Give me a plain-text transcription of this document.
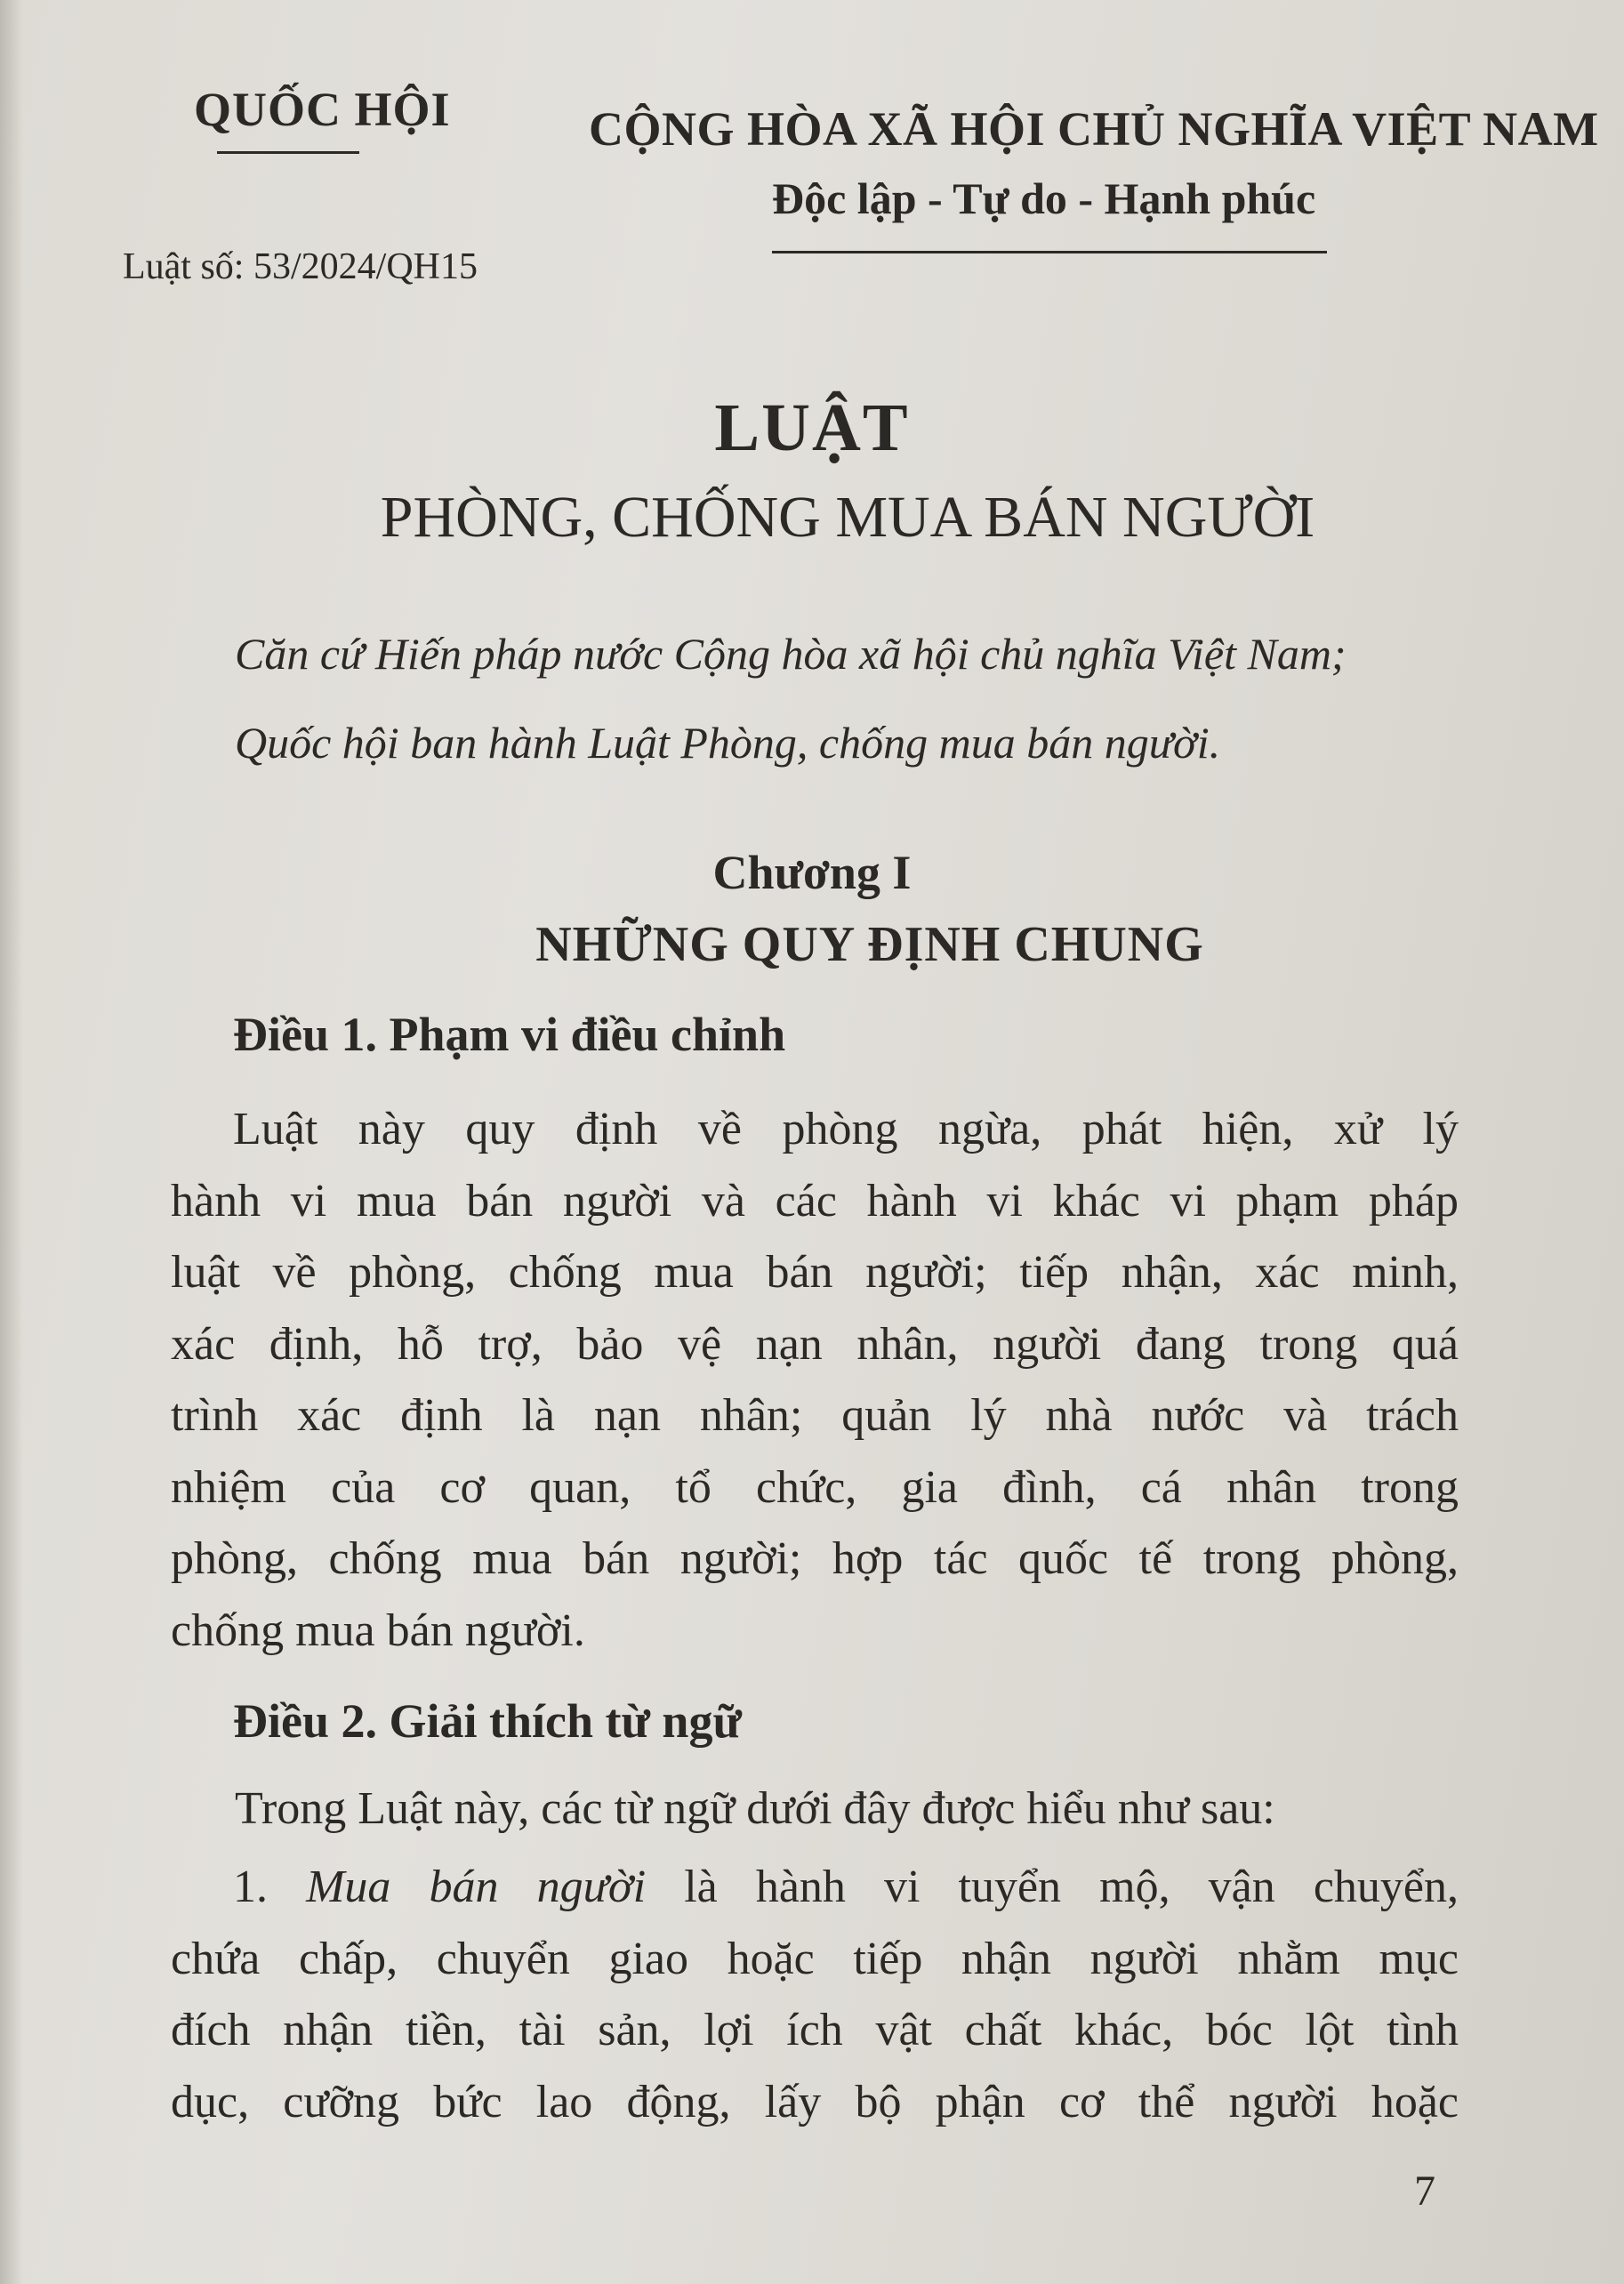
QUỐC HỘI	CỘNG HÒA XÃ HỘI CHỦ NGHĨA VIỆT NAM
Độc lập - Tự do - Hạnh phúc
Luật số: 53/2024/QH15
LUẬT
PHÒNG, CHỐNG MUA BÁN NGƯỜI
Căn cứ Hiến pháp nước Cộng hòa xã hội chủ nghĩa Việt Nam;
Quốc hội ban hành Luật Phòng, chống mua bán người.
Chương I
NHỮNG QUY ĐỊNH CHUNG
Điều 1. Phạm vi điều chỉnh
Luật này quy định về phòng ngừa, phát hiện, xử lý
hành vi mua bán người và các hành vi khác vi phạm pháp
luật về phòng, chống mua bán người; tiếp nhận, xác minh,
xác định, hỗ trợ, bảo vệ nạn nhân, người đang trong quá
trình xác định là nạn nhân; quản lý nhà nước và trách
nhiệm của cơ quan, tổ chức, gia đình, cá nhân trong
phòng, chống mua bán người; hợp tác quốc tế trong phòng,
chống mua bán người.
Điều 2. Giải thích từ ngữ
Trong Luật này, các từ ngữ dưới đây được hiểu như sau:
1. Mua bán người là hành vi tuyển mộ, vận chuyển,
chứa chấp, chuyển giao hoặc tiếp nhận người nhằm mục
đích nhận tiền, tài sản, lợi ích vật chất khác, bóc lột tình
dục, cưỡng bức lao động, lấy bộ phận cơ thể người hoặc
7
